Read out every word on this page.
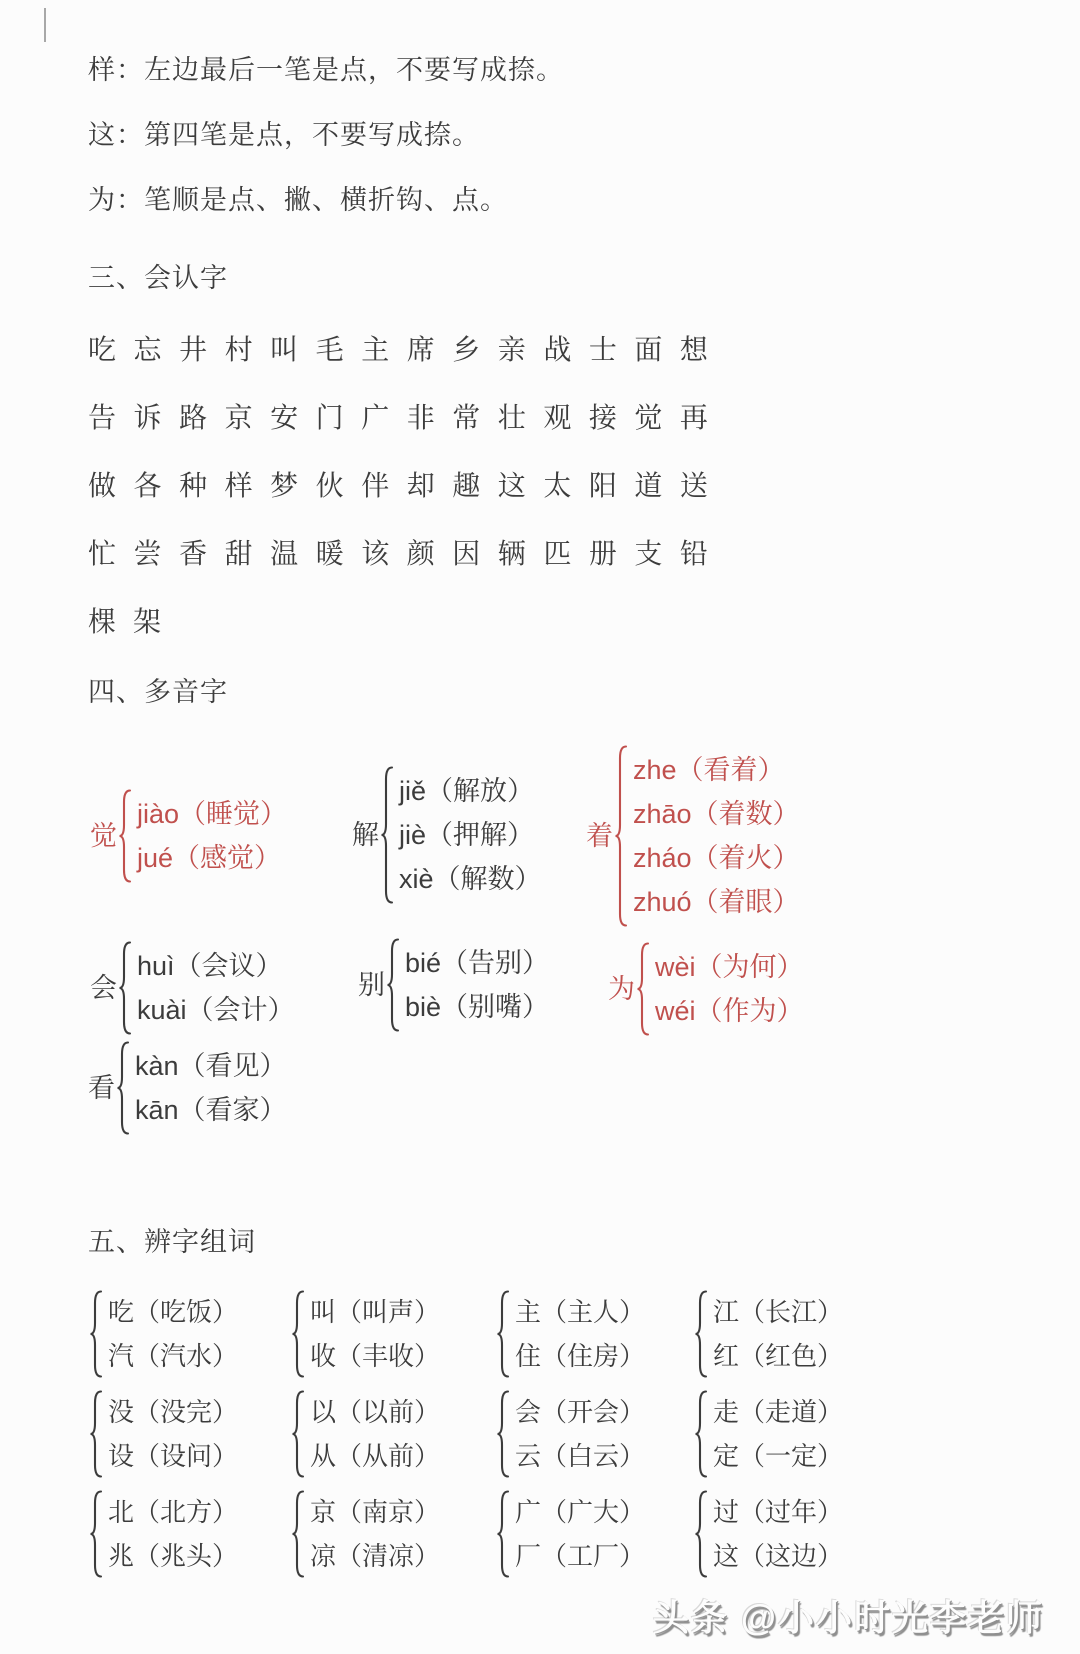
样：左边最后一笔是点，不要写成捺。
这：第四笔是点，不要写成捺。
为：笔顺是点、撇、横折钩、点。
三、会认字
吃 忘 井 村 叫 毛 主 席 乡 亲 战 士 面 想
告 诉 路 京 安 门 广 非 常 壮 观 接 觉 再
做 各 种 样 梦 伙 伴 却 趣 这 太 阳 道 送
忙 尝 香 甜 温 暖 该 颜 因 辆 匹 册 支 铅
棵 架
四、多音字
觉
jiào（睡觉）
jué（感觉）
解
jiě（解放）
jiè（押解）
xiè（解数）
着
zhe（看着）
zhāo（着数）
zháo（着火）
zhuó（着眼）
会
huì（会议）
kuài（会计）
别
bié（告别）
biè（别嘴）
为
wèi（为何）
wéi（作为）
看
kàn（看见）
kān（看家）
五、辨字组词
吃（吃饭）
汽（汽水）
叫（叫声）
收（丰收）
主（主人）
住（住房）
江（长江）
红（红色）
没（没完）
设（设问）
以（以前）
从（从前）
会（开会）
云（白云）
走（走道）
定（一定）
北（北方）
兆（兆头）
京（南京）
凉（清凉）
广（广大）
厂（工厂）
过（过年）
这（这边）
头条 @小小时光李老师
